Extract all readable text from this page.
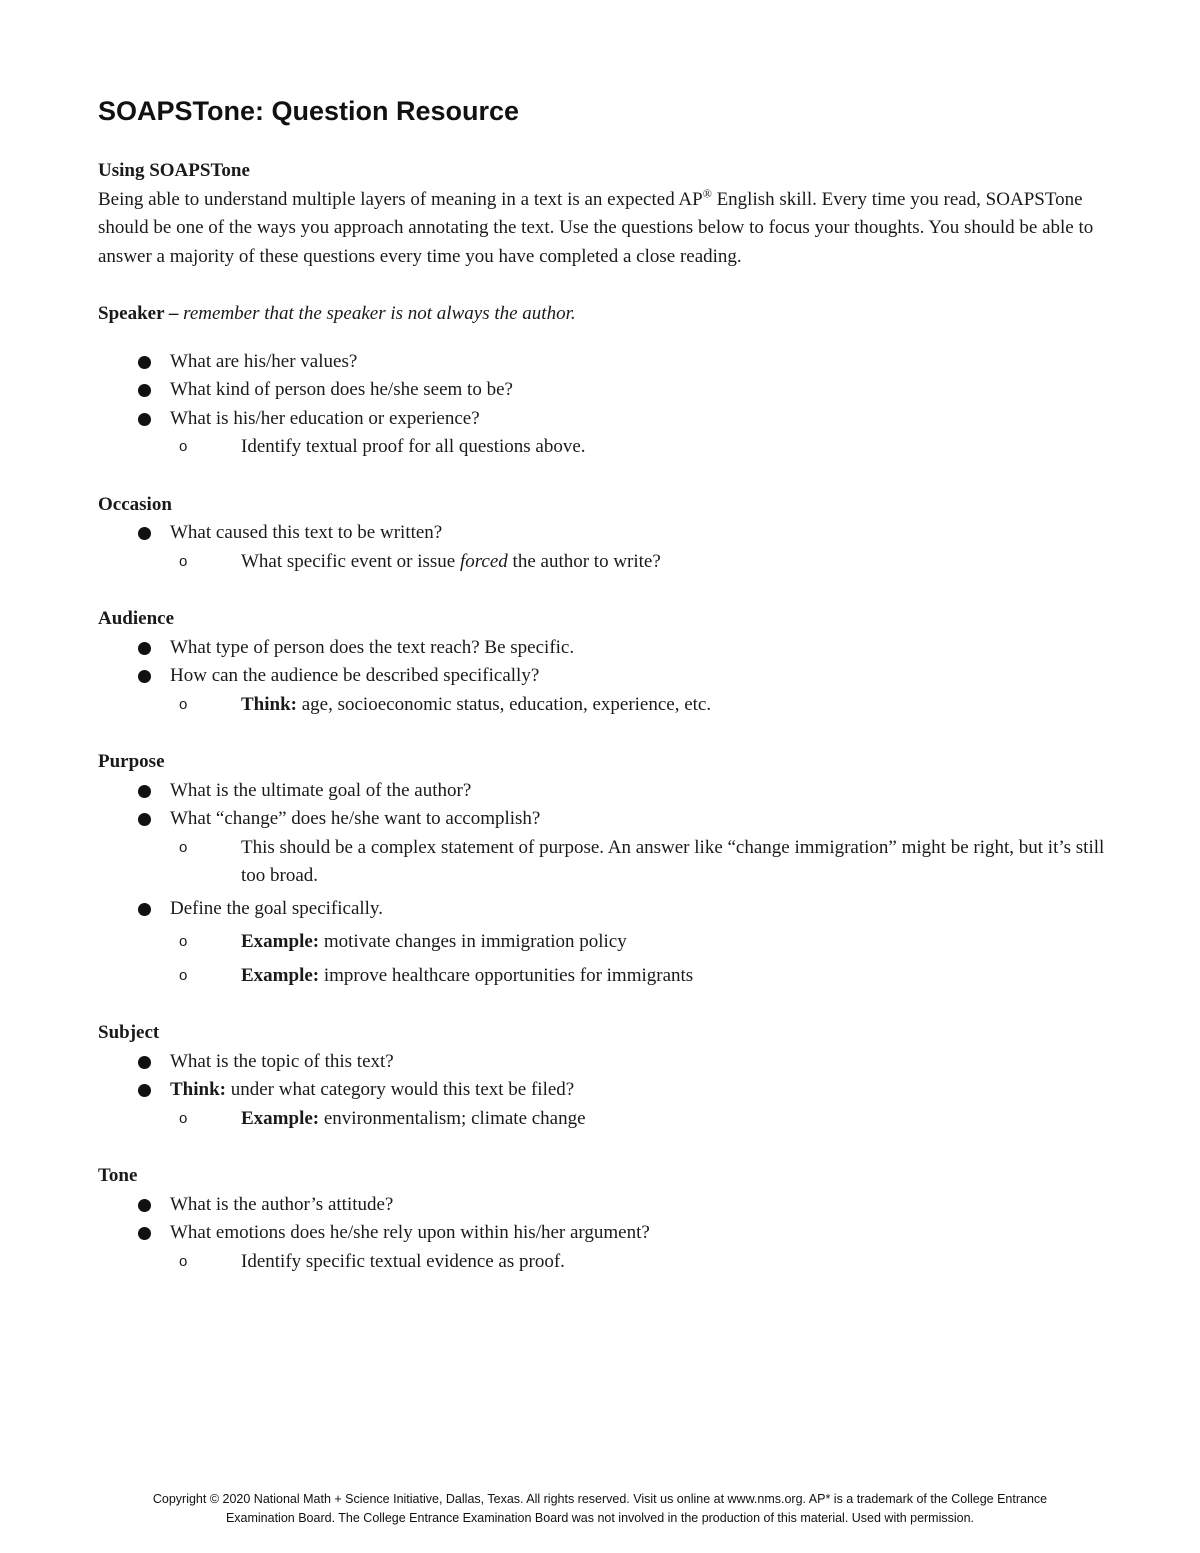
SOAPSTone: Question Resource

Using SOAPSTone

Being able to understand multiple layers of meaning in a text is an expected AP® English skill. Every time you read, SOAPSTone should be one of the ways you approach annotating the text. Use the questions below to focus your thoughts. You should be able to answer a majority of these questions every time you have completed a close reading.

Speaker – remember that the speaker is not always the author.

What are his/her values?
What kind of person does he/she seem to be?
What is his/her education or experience?
o	Identify textual proof for all questions above.

Occasion

What caused this text to be written?
o	What specific event or issue forced the author to write?

Audience

What type of person does the text reach? Be specific.
How can the audience be described specifically?
o	Think: age, socioeconomic status, education, experience, etc.

Purpose

What is the ultimate goal of the author?
What “change” does he/she want to accomplish?
o	This should be a complex statement of purpose. An answer like “change immigration” might be right, but it’s still too broad.
Define the goal specifically.
o	Example: motivate changes in immigration policy
o	Example: improve healthcare opportunities for immigrants

Subject

What is the topic of this text?
Think: under what category would this text be filed?
o	Example: environmentalism; climate change

Tone

What is the author’s attitude?
What emotions does he/she rely upon within his/her argument?
o	Identify specific textual evidence as proof.
Copyright © 2020 National Math + Science Initiative, Dallas, Texas. All rights reserved. Visit us online at www.nms.org. AP* is a trademark of the College Entrance
Examination Board. The College Entrance Examination Board was not involved in the production of this material. Used with permission.
